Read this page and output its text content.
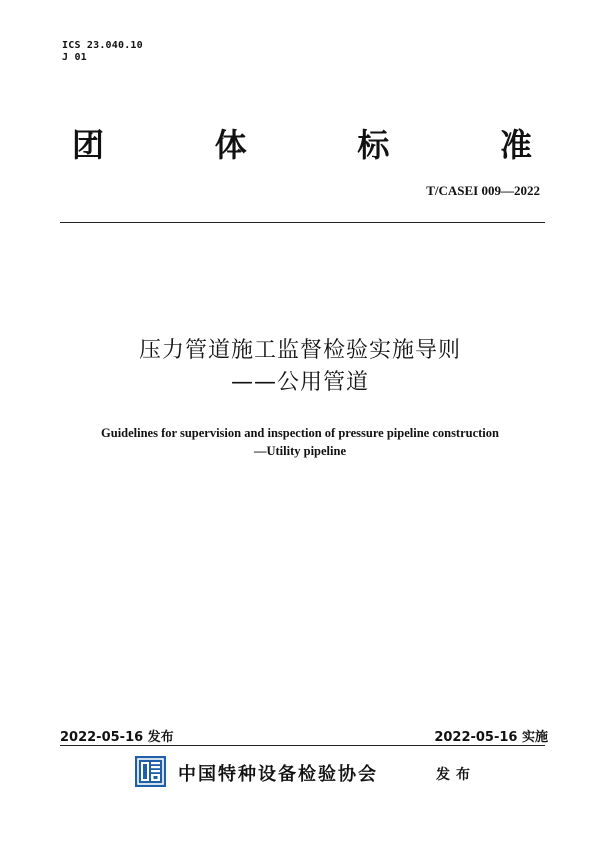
ICS 23.040.10
J 01
团	体	标	准
T/CASEI 009—2022
压力管道施工监督检验实施导则
——公用管道
Guidelines for supervision and inspection of pressure pipeline construction
—Utility pipeline
2022-05-16 发布	2022-05-16 实施
中国特种设备检验协会	发布
